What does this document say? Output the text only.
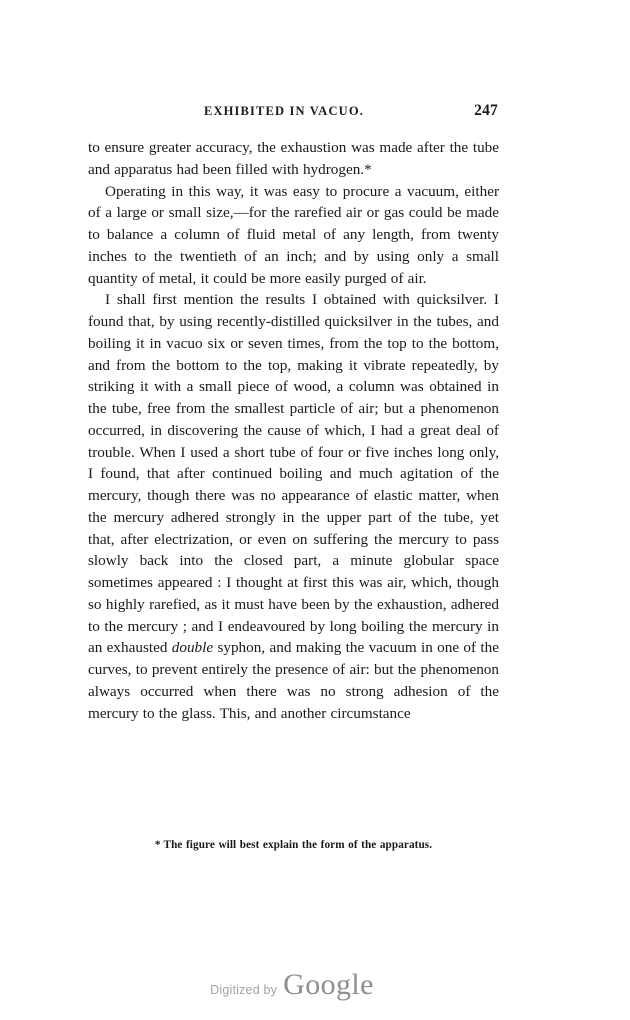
EXHIBITED IN VACUO.	247

to ensure greater accuracy, the exhaustion was made after the tube and apparatus had been filled with hydrogen.*

Operating in this way, it was easy to procure a vacuum, either of a large or small size,—for the rarefied air or gas could be made to balance a column of fluid metal of any length, from twenty inches to the twentieth of an inch; and by using only a small quantity of metal, it could be more easily purged of air.

I shall first mention the results I obtained with quicksilver. I found that, by using recently-distilled quicksilver in the tubes, and boiling it in vacuo six or seven times, from the top to the bottom, and from the bottom to the top, making it vibrate repeatedly, by striking it with a small piece of wood, a column was obtained in the tube, free from the smallest particle of air; but a phenomenon occurred, in discovering the cause of which, I had a great deal of trouble. When I used a short tube of four or five inches long only, I found, that after continued boiling and much agitation of the mercury, though there was no appearance of elastic matter, when the mercury adhered strongly in the upper part of the tube, yet that, after electrization, or even on suffering the mercury to pass slowly back into the closed part, a minute globular space sometimes appeared : I thought at first this was air, which, though so highly rarefied, as it must have been by the exhaustion, adhered to the mercury ; and I endeavoured by long boiling the mercury in an exhausted double syphon, and making the vacuum in one of the curves, to prevent entirely the presence of air: but the phenomenon always occurred when there was no strong adhesion of the mercury to the glass. This, and another circumstance

* The figure will best explain the form of the apparatus.

Digitized by Google
